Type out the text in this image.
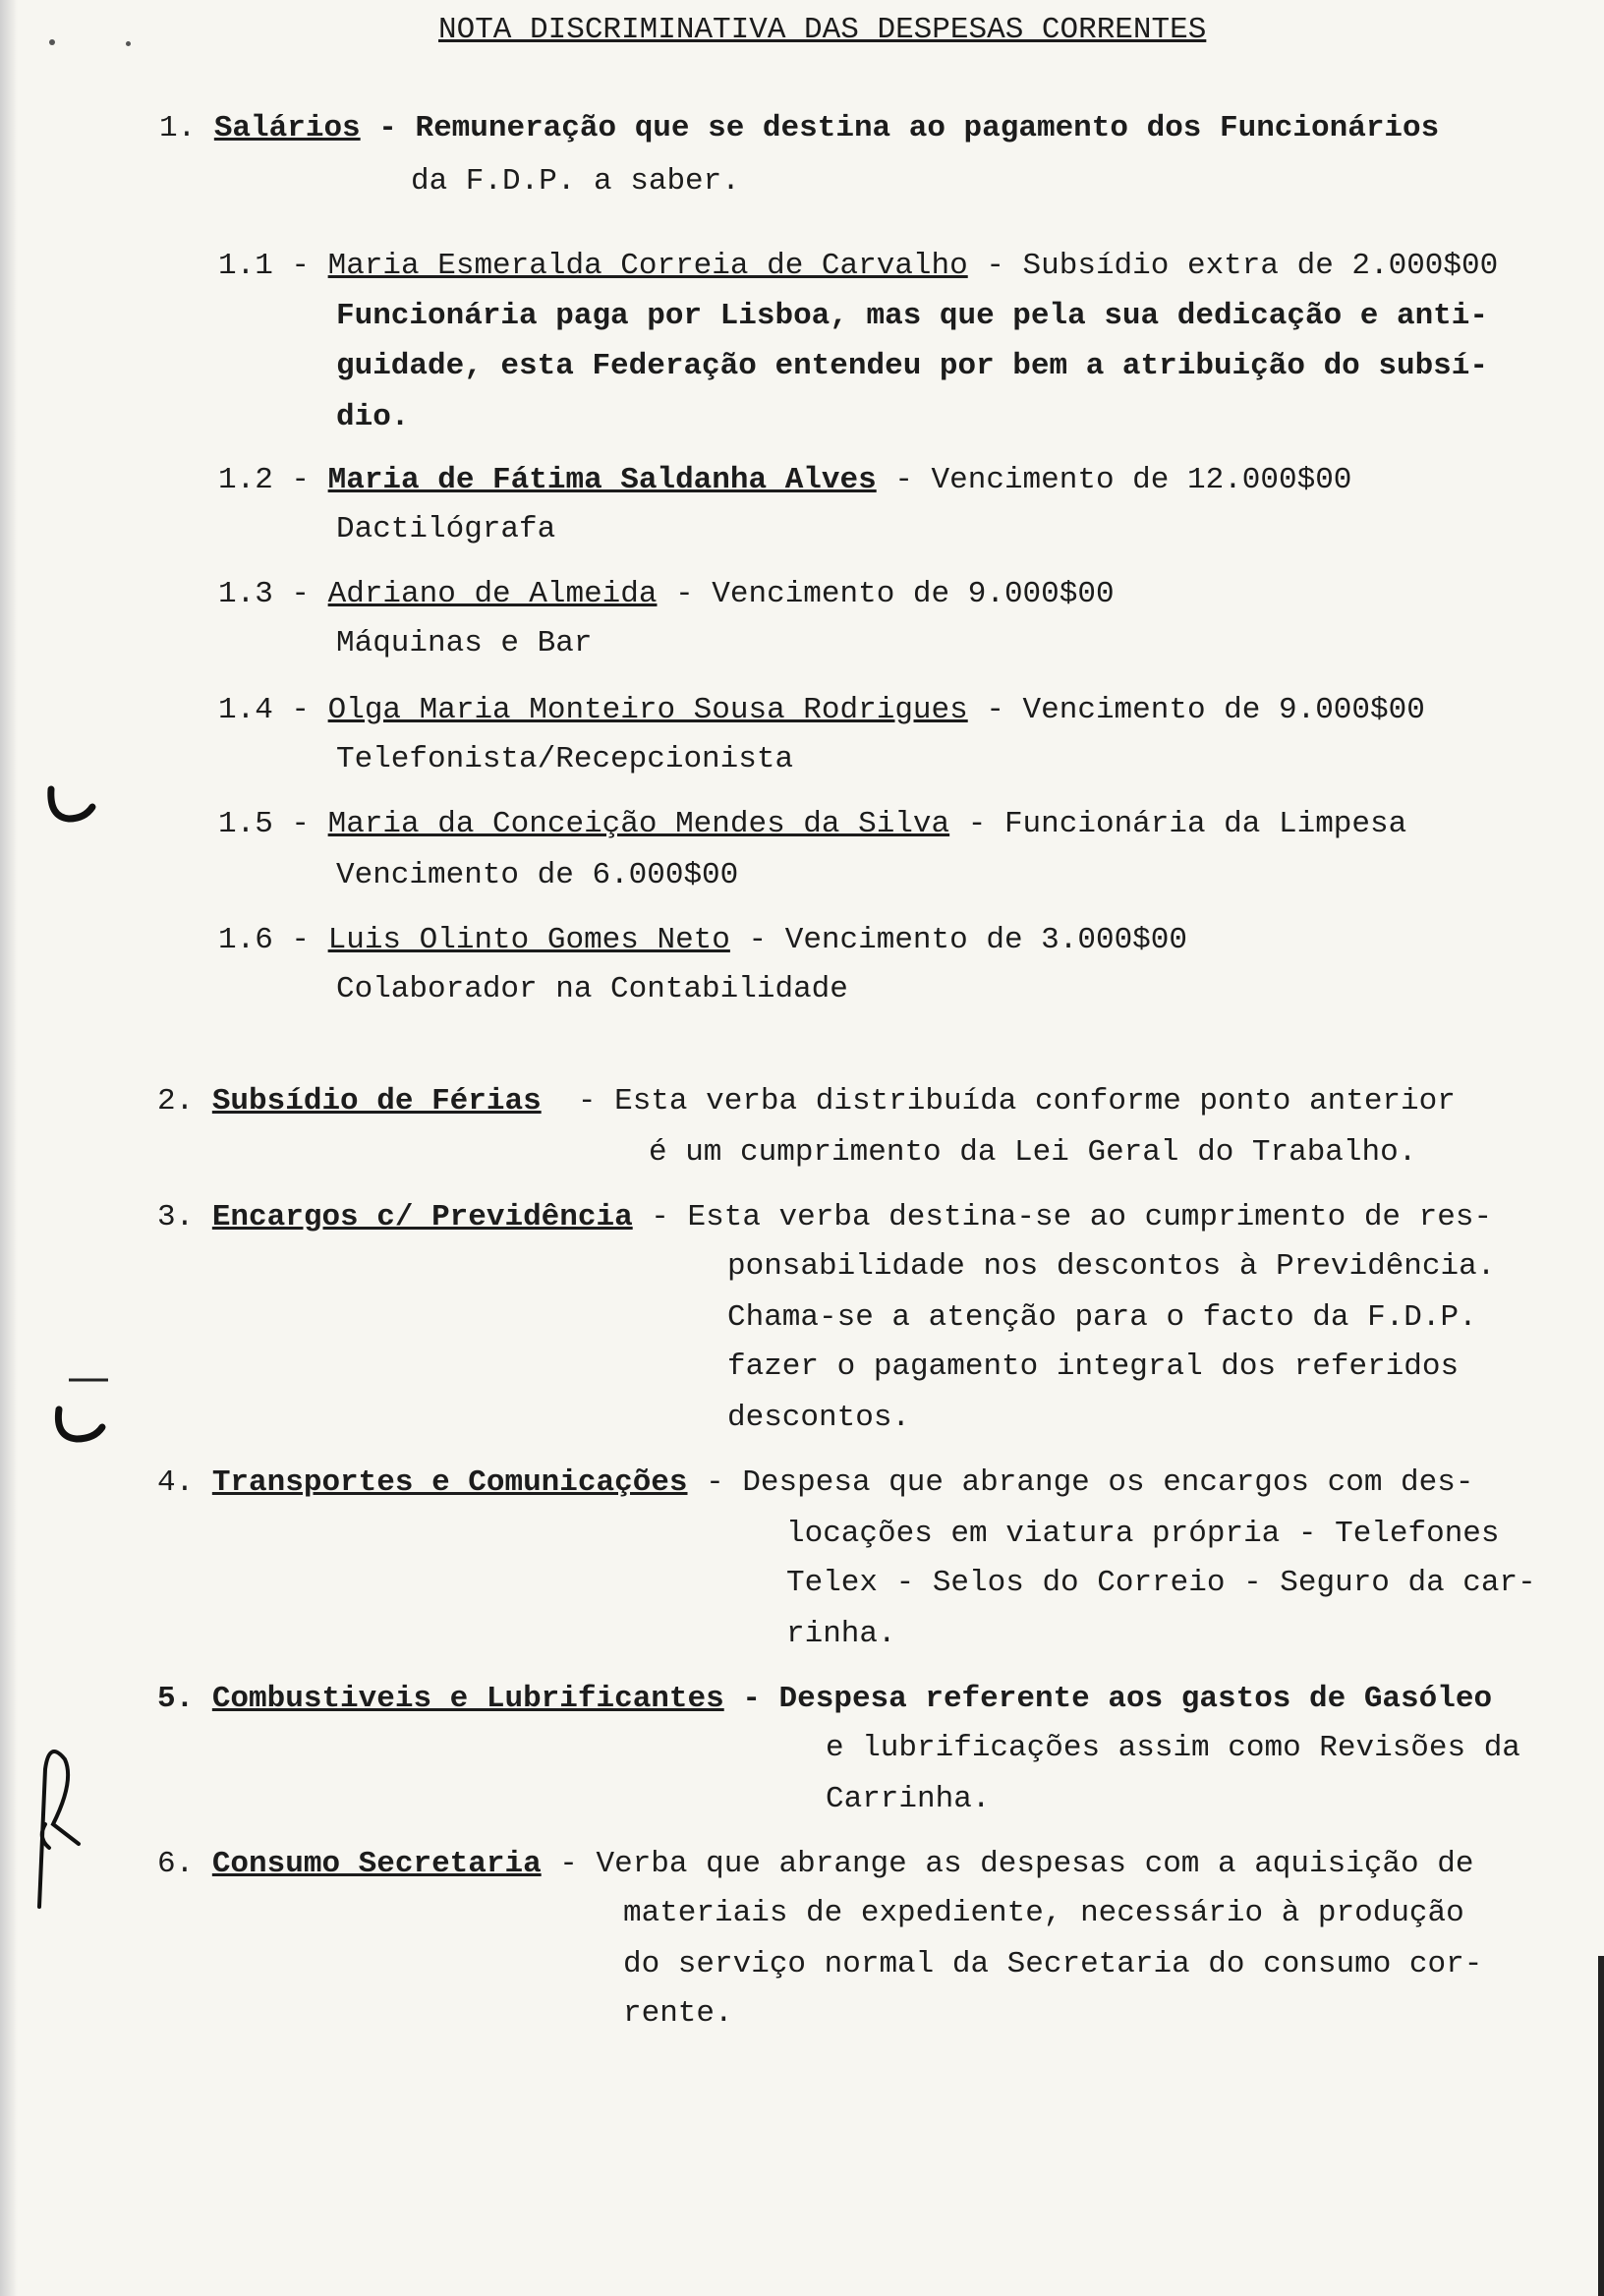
NOTA DISCRIMINATIVA DAS DESPESAS CORRENTES
1. Salários - Remuneração que se destina ao pagamento dos Funcionários
da F.D.P. a saber.
1.1 - Maria Esmeralda Correia de Carvalho - Subsídio extra de 2.000$00
Funcionária paga por Lisboa, mas que pela sua dedicação e anti-
guidade, esta Federação entendeu por bem a atribuição do subsí-
dio.
1.2 - Maria de Fátima Saldanha Alves - Vencimento de 12.000$00
Dactilógrafa
1.3 - Adriano de Almeida - Vencimento de 9.000$00
Máquinas e Bar
1.4 - Olga Maria Monteiro Sousa Rodrigues - Vencimento de 9.000$00
Telefonista/Recepcionista
1.5 - Maria da Conceição Mendes da Silva - Funcionária da Limpesa
Vencimento de 6.000$00
1.6 - Luis Olinto Gomes Neto - Vencimento de 3.000$00
Colaborador na Contabilidade
2. Subsídio de Férias  - Esta verba distribuída conforme ponto anterior
é um cumprimento da Lei Geral do Trabalho.
3. Encargos c/ Previdência - Esta verba destina-se ao cumprimento de res-
ponsabilidade nos descontos à Previdência.
Chama-se a atenção para o facto da F.D.P.
fazer o pagamento integral dos referidos
descontos.
4. Transportes e Comunicações - Despesa que abrange os encargos com des-
locações em viatura própria - Telefones
Telex - Selos do Correio - Seguro da car-
rinha.
5. Combustiveis e Lubrificantes - Despesa referente aos gastos de Gasóleo
e lubrificações assim como Revisões da
Carrinha.
6. Consumo Secretaria - Verba que abrange as despesas com a aquisição de
materiais de expediente, necessário à produção
do serviço normal da Secretaria do consumo cor-
rente.
